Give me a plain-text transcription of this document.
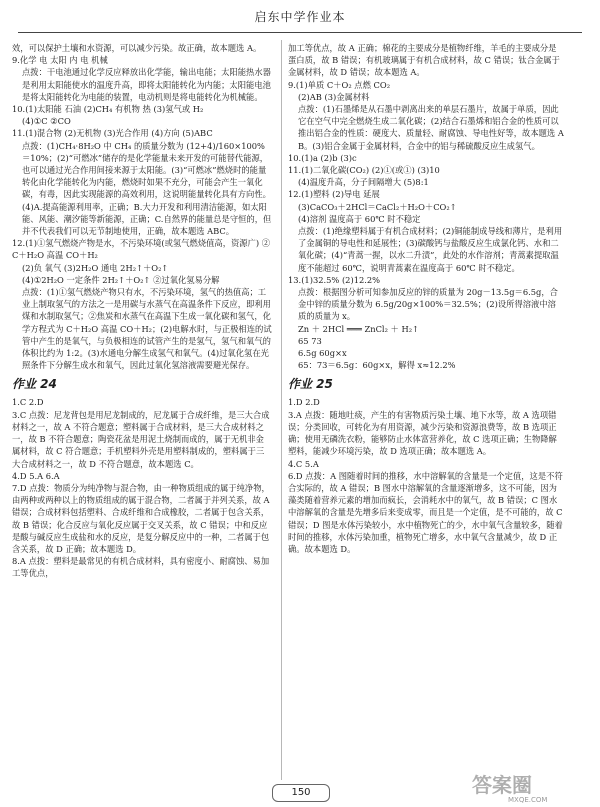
启东中学作业本

效，可以保护土壤和水资源，可以减少污染。故正确，故本题选 A。

9.化学 电 太阳 内 电 机械

点拨：干电池通过化学反应释放出化学能，输出电能；太阳能热水器是利用太阳能使水的温度升高，即将太阳能转化为内能；太阳能电池是将太阳能转化为电能的装置，电动机则是将电能转化为机械能。

10.(1)太阳能 石油 (2)CH₄ 有机物 热 (3)氢气或 H₂

(4)①C ②CO

11.(1)混合物 (2)无机物 (3)光合作用 (4)方向 (5)ABC

点拨：(1)CH₄·8H₂O 中 CH₄ 的质量分数为 (12+4)/160×100%＝10%；(2)“可燃冰”储存的是化学能量未来开发的可能替代能源，也可以通过光合作用间接来源于太阳能。(3)“可燃冰”燃烧时的能量转化由化学能转化为内能，燃烧时如果不充分，可能会产生一氧化碳，有毒，因此实现能源的高效利用，这说明能量转化具有方向性。(4)A.提高能源利用率，正确；B.大力开发和利用清洁能源，如太阳能、风能、潮汐能等新能源，正确；C.自然界的能量总是守恒的，但并不代表我们可以无节制地使用，正确，故本题选 ABC。

12.(1)①氢气燃烧产物是水，不污染环境(或氢气燃烧值高，资源广) ②C＋H₂O 高温 CO＋H₂

(2)负 氧气 (3)2H₂O 通电 2H₂↑＋O₂↑

(4)①2H₂O 一定条件 2H₂↑＋O₂↑ ②过氧化氢易分解

点拨：(1)①氢气燃烧产物只有水，不污染环境，氢气的热值高；工业上制取氢气的方法之一是用碳与水蒸气在高温条件下反应，即利用煤和水制取氢气；②焦炭和水蒸气在高温下生成一氧化碳和氢气，化学方程式为 C＋H₂O 高温 CO＋H₂；(2)电解水时，与正极相连的试管中产生的是氧气，与负极相连的试管产生的是氢气，氢气和氧气的体积比约为 1:2。(3)水通电分解生成氢气和氧气。(4)过氧化氢在光照条件下分解生成水和氧气，因此过氧化氢溶液需要避光保存。

作业 24

1.C 2.D

3.C 点拨：尼龙背包是用尼龙制成的，尼龙属于合成纤维，是三大合成材料之一，故 A 不符合题意；塑料属于合成材料，是三大合成材料之一，故 B 不符合题意；陶瓷花盆是用泥土烧制而成的，属于无机非金属材料，故 C 符合题意；手机塑料外壳是用塑料制成的，塑料属于三大合成材料之一，故 D 不符合题意，故本题选 C。

4.D 5.A 6.A

7.D 点拨：物质分为纯净物与混合物，由一种物质组成的属于纯净物，由两种或两种以上的物质组成的属于混合物，二者属于并列关系，故 A 错误；合成材料包括塑料、合成纤维和合成橡胶，二者属于包含关系，故 B 错误；化合反应与氧化反应属于交叉关系，故 C 错误；中和反应是酸与碱反应生成盐和水的反应，是复分解反应中的一种，二者属于包含关系，故 D 正确；故本题选 D。

8.A 点拨：塑料是最常见的有机合成材料，具有密度小、耐腐蚀、易加工等优点，

加工等优点，故 A 正确；棉花的主要成分是植物纤维，羊毛的主要成分是蛋白质，故 B 错误；有机玻璃属于有机合成材料，故 C 错误；钛合金属于金属材料，故 D 错误；故本题选 A。

9.(1)单质 C＋O₂ 点燃 CO₂

(2)AB (3)金属材料

点拨：(1)石墨烯是从石墨中剥离出来的单层石墨片，故属于单质，因此它在空气中完全燃烧生成二氧化碳；(2)结合石墨烯和铝合金的性质可以推出铝合金的性质：硬度大、质量轻、耐腐蚀、导电性好等，故本题选 AB。(3)铝合金属于金属材料，合金中的铝与稀硫酸反应生成氢气。

10.(1)a (2)b (3)c

11.(1)二氧化碳(CO₂) (2)①(或①) (3)10

(4)温度升高，分子间隔增大 (5)8:1

12.(1)塑料 (2)导电 延展

(3)CaCO₃＋2HCl＝CaCl₂＋H₂O＋CO₂↑

(4)溶剂 温度高于 60℃ 时不稳定

点拨：(1)绝缘塑料属于有机合成材料；(2)铜能制成导线和薄片，是利用了金属铜的导电性和延展性；(3)碳酸钙与盐酸反应生成氯化钙、水和二氧化碳；(4)“青蒿一握，以水二升渍”，此处的水作溶剂；青蒿素提取温度不能超过 60℃，说明青蒿素在温度高于 60℃ 时不稳定。

13.(1)32.5% (2)12.2%

点拨：根据图分析可知参加反应的锌的质量为 20g－13.5g＝6.5g，合金中锌的质量分数为 6.5g/20g×100%＝32.5%；(2)设所得溶液中溶质的质量为 x。

Zn ＋ 2HCl ═══ ZnCl₂ ＋ H₂↑

65 73

6.5g 60g×x

65：73＝6.5g：60g×x，解得 x≈12.2%

作业 25

1.D 2.D

3.A 点拨：随地吐痰，产生的有害物质污染土壤、地下水等，故 A 选项错误；分类回收，可转化为有用资源，减少污染和资源浪费等，故 B 选项正确；使用无磷洗衣粉，能够防止水体富营养化，故 C 选项正确；生物降解塑料，能减少环境污染，故 D 选项正确；故本题选 A。

4.C 5.A

6.D 点拨：A 图随着时间的推移，水中溶解氧的含量是一个定值，这是不符合实际的，故 A 错误；B 图水中溶解氧的含量逐渐增多，这不可能，因为藻类随着营养元素的增加而疯长，会消耗水中的氧气，故 B 错误；C 图水中溶解氧的含量是先增多后来变成零，而且是一个定值，是不可能的，故 C 错误；D 图是水体污染较小，水中植物死亡的少，水中氧气含量较多，随着时间的推移，水体污染加重，植物死亡增多，水中氧气含量减少，故 D 正确。故本题选 D。

150	答案圈
MXQE.COM
